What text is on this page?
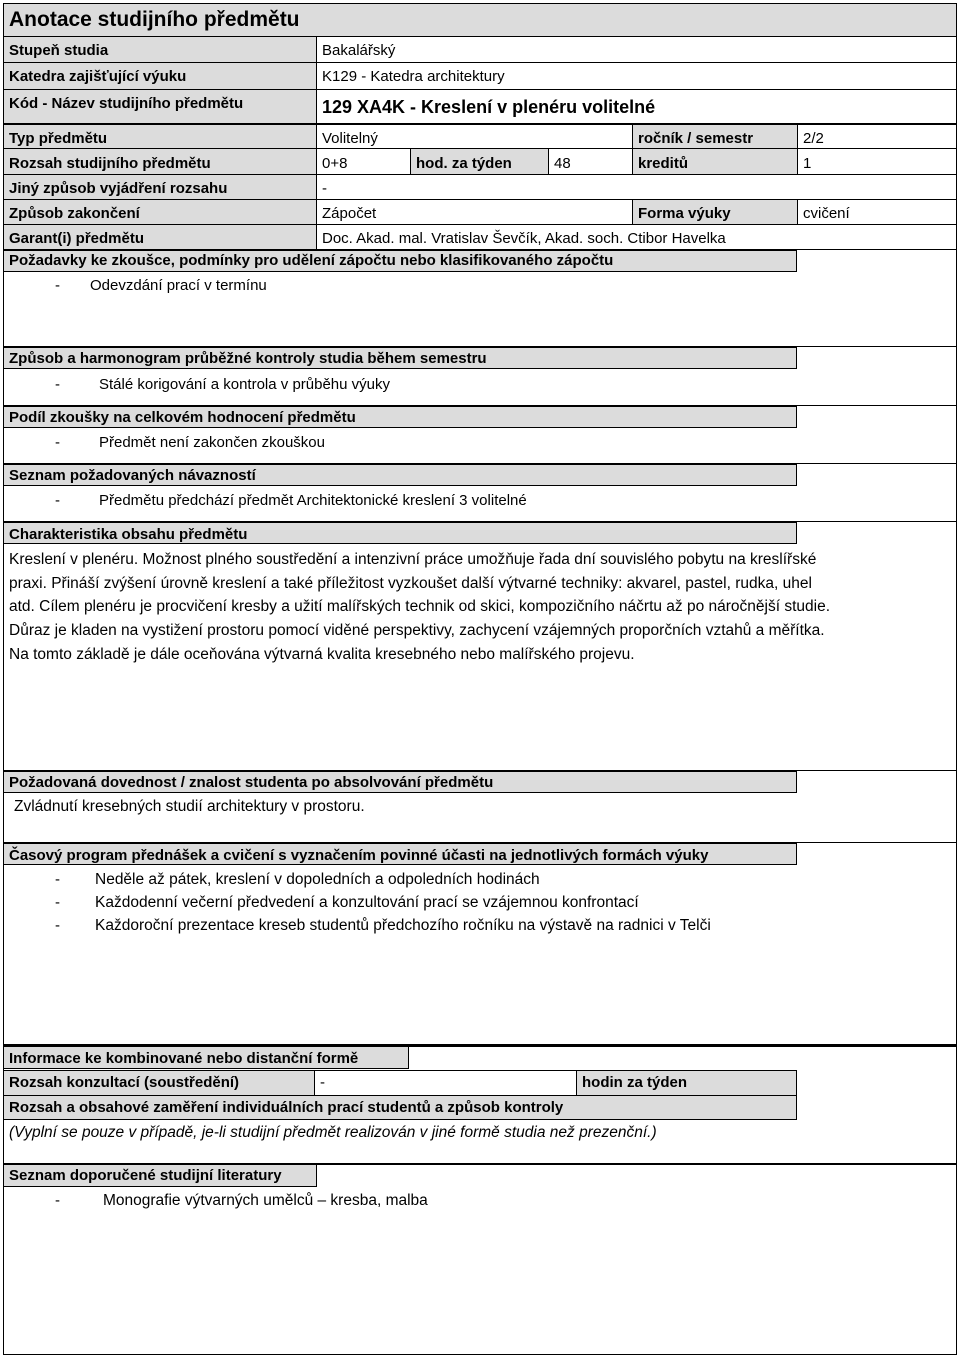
Anotace studijního předmětu
Stupeň studia	Bakalářský
Katedra zajišťující výuku	K129 - Katedra architektury
Kód - Název studijního předmětu	129 XA4K - Kreslení v plenéru volitelné
Typ předmětu	Volitelný	ročník / semestr	2/2
Rozsah studijního předmětu	0+8	hod. za týden	48	kreditů	1
Jiný způsob vyjádření rozsahu	-
Způsob zakončení	Zápočet	Forma výuky	cvičení
Garant(i) předmětu	Doc. Akad. mal. Vratislav Ševčík, Akad. soch. Ctibor Havelka
Požadavky ke zkoušce, podmínky pro udělení zápočtu nebo klasifikovaného zápočtu
- Odevzdání prací v termínu
Způsob a harmonogram průběžné kontroly studia během semestru
-	Stálé korigování a kontrola v průběhu výuky
Podíl zkoušky na celkovém hodnocení předmětu
-	Předmět není zakončen zkouškou
Seznam požadovaných návazností
-	Předmětu předchází předmět Architektonické kreslení 3 volitelné
Charakteristika obsahu předmětu
Kreslení v plenéru. Možnost plného soustředění a intenzivní práce umožňuje řada dní souvislého pobytu na kreslířské
praxi. Přináší zvýšení úrovně kreslení a také příležitost vyzkoušet další výtvarné techniky: akvarel, pastel, rudka, uhel
atd. Cílem plenéru je procvičení kresby a užití malířských technik od skici, kompozičního náčrtu až po náročnější studie.
Důraz je kladen na vystižení prostoru pomocí viděné perspektivy, zachycení vzájemných proporčních vztahů a měřítka.
Na tomto základě je dále oceňována výtvarná kvalita kresebného nebo malířského projevu.
Požadovaná dovednost / znalost studenta po absolvování předmětu
Zvládnutí kresebných studií architektury v prostoru.
Časový program přednášek a cvičení s vyznačením povinné účasti na jednotlivých formách výuky
- Neděle až pátek, kreslení v dopoledních a odpoledních hodinách
- Každodenní večerní předvedení a konzultování prací se vzájemnou konfrontací
- Každoroční prezentace kreseb studentů předchozího ročníku na výstavě na radnici v Telči
Informace ke kombinované nebo distanční formě
Rozsah konzultací (soustředění)	-	hodin za týden
Rozsah a obsahové zaměření individuálních prací studentů a způsob kontroly
(Vyplní se pouze v případě, je-li studijní předmět realizován v jiné formě studia než prezenční.)
Seznam doporučené studijní literatury
-	Monografie výtvarných umělců – kresba, malba
